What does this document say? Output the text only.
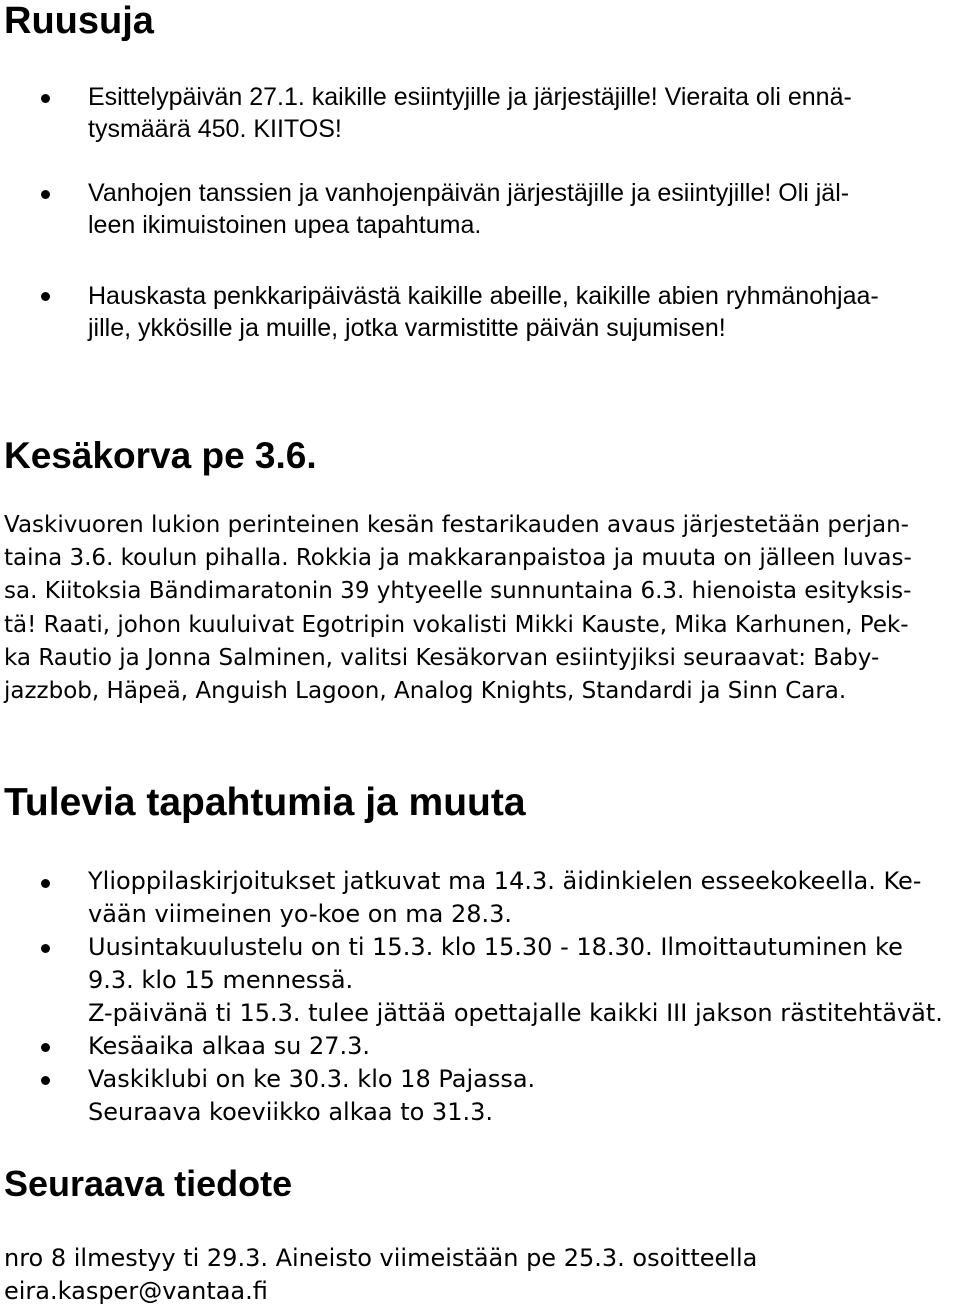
Ruusuja

Esittelypäivän 27.1. kaikille esiintyjille ja järjestäjille! Vieraita oli ennä-

tysmäärä 450. KIITOS!

Vanhojen tanssien ja vanhojenpäivän järjestäjille ja esiintyjille! Oli jäl-

leen ikimuistoinen upea tapahtuma.

Hauskasta penkkaripäivästä kaikille abeille, kaikille abien ryhmänohjaa-

jille, ykkösille ja muille, jotka varmistitte päivän sujumisen!

Kesäkorva pe 3.6.

Vaskivuoren lukion perinteinen kesän festarikauden avaus järjestetään perjan-

taina 3.6. koulun pihalla. Rokkia ja makkaranpaistoa ja muuta on jälleen luvas-

sa. Kiitoksia Bändimaratonin 39 yhtyeelle sunnuntaina 6.3. hienoista esityksis-

tä! Raati, johon kuuluivat Egotripin vokalisti Mikki Kauste, Mika Karhunen, Pek-

ka Rautio ja Jonna Salminen, valitsi Kesäkorvan esiintyjiksi seuraavat: Baby-

jazzbob, Häpeä, Anguish Lagoon, Analog Knights, Standardi ja Sinn Cara.

Tulevia tapahtumia ja muuta

Ylioppilaskirjoitukset jatkuvat ma 14.3. äidinkielen esseekokeella. Ke-

vään viimeinen yo-koe on ma 28.3.

Uusintakuulustelu on ti 15.3. klo 15.30 - 18.30. Ilmoittautuminen ke

9.3. klo 15 mennessä.

Z-päivänä ti 15.3. tulee jättää opettajalle kaikki III jakson rästitehtävät.

Kesäaika alkaa su 27.3.

Vaskiklubi on ke 30.3. klo 18 Pajassa.

Seuraava koeviikko alkaa to 31.3.

Seuraava tiedote

nro 8 ilmestyy ti 29.3. Aineisto viimeistään pe 25.3. osoitteella

eira.kasper@vantaa.fi
